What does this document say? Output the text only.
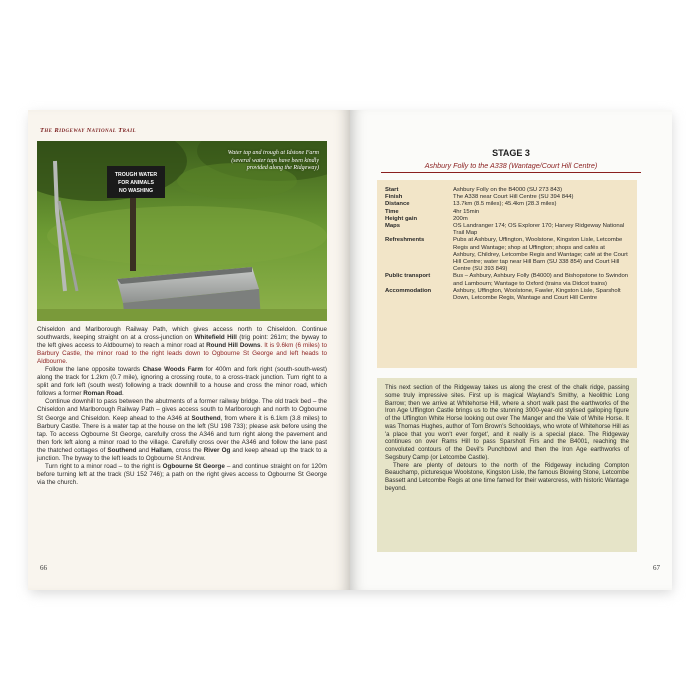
The Ridgeway National Trail
TROUGH WATER
FOR ANIMALS
NO WASHING
Water tap and trough at Idstone Farm (several water taps have been kindly provided along the Ridgeway)

Chiseldon and Marlborough Railway Path, which gives access north to Chiseldon. Continue southwards, keeping straight on at a cross-junction on Whitefield Hill (trig point: 261m; the byway to the left gives access to Aldbourne) to reach a minor road at Round Hill Downs. It is 9.6km (6 miles) to Barbury Castle, the minor road to the right leads down to Ogbourne St George and left heads to Aldbourne.

Follow the lane opposite towards Chase Woods Farm for 400m and fork right (south-south-west) along the track for 1.2km (0.7 mile), ignoring a crossing route, to a cross-track junction. Turn right to a split and fork left (south west) following a track downhill to a house and cross the minor road, which follows a former Roman Road.

Continue downhill to pass between the abutments of a former railway bridge. The old track bed – the Chiseldon and Marlborough Railway Path – gives access south to Marlborough and north to Ogbourne St George and Chiseldon. Keep ahead to the A346 at Southend, from where it is 6.1km (3.8 miles) to Barbury Castle. There is a water tap at the house on the left (SU 198 733); please ask before using the tap. To access Ogbourne St George, carefully cross the A346 and turn right along the pavement and then fork left along a minor road to the village. Carefully cross over the A346 and follow the lane past the thatched cottages of Southend and Hallam, cross the River Og and keep ahead up the track to a junction. The byway to the left leads to Ogbourne St Andrew.

Turn right to a minor road – to the right is Ogbourne St George – and continue straight on for 120m before turning left at the track (SU 152 746); a path on the right gives access to Ogbourne St George via the church.

66
STAGE 3
Ashbury Folly to the A338 (Wantage/Court Hill Centre)
Start	Ashbury Folly on the B4000 (SU 273 843)
Finish	The A338 near Court Hill Centre (SU 394 844)
Distance	13.7km (8.5 miles); 45.4km (28.3 miles)
Time	4hr 15min
Height gain	200m
Maps	OS Landranger 174; OS Explorer 170; Harvey Ridgeway National Trail Map
Refreshments	Pubs at Ashbury, Uffington, Woolstone, Kingston Lisle, Letcombe Regis and Wantage; shop at Uffington; shops and cafés at Ashbury, Childrey, Letcombe Regis and Wantage; café at the Court Hill Centre; water tap near Hill Barn (SU 338 854) and Court Hill Centre (SU 393 849)
Public transport	Bus – Ashbury, Ashbury Folly (B4000) and Bishopstone to Swindon and Lambourn; Wantage to Oxford (trains via Didcot trains)
Accommodation	Ashbury, Uffington, Woolstone, Fawler, Kingston Lisle, Sparsholt Down, Letcombe Regis, Wantage and Court Hill Centre

This next section of the Ridgeway takes us along the crest of the chalk ridge, passing some truly impressive sites. First up is magical Wayland's Smithy, a Neolithic Long Barrow; then we arrive at Whitehorse Hill, where a short walk past the earthworks of the Iron Age Uffington Castle brings us to the stunning 3000-year-old stylised galloping figure of the Uffington White Horse looking out over The Manger and the Vale of White Horse. It was Thomas Hughes, author of Tom Brown's Schooldays, who wrote of Whitehorse Hill as 'a place that you won't ever forget', and it really is a special place. The Ridgeway continues on over Rams Hill to pass Sparsholt Firs and the B4001, reaching the convoluted contours of the Devil's Punchbowl and then the Iron Age earthworks of Segsbury Camp (or Letcombe Castle).

There are plenty of detours to the north of the Ridgeway including Compton Beauchamp, picturesque Woolstone, Kingston Lisle, the famous Blowing Stone, Letcombe Bassett and Letcombe Regis at one time famed for their watercress, with historic Wantage beyond.

67
